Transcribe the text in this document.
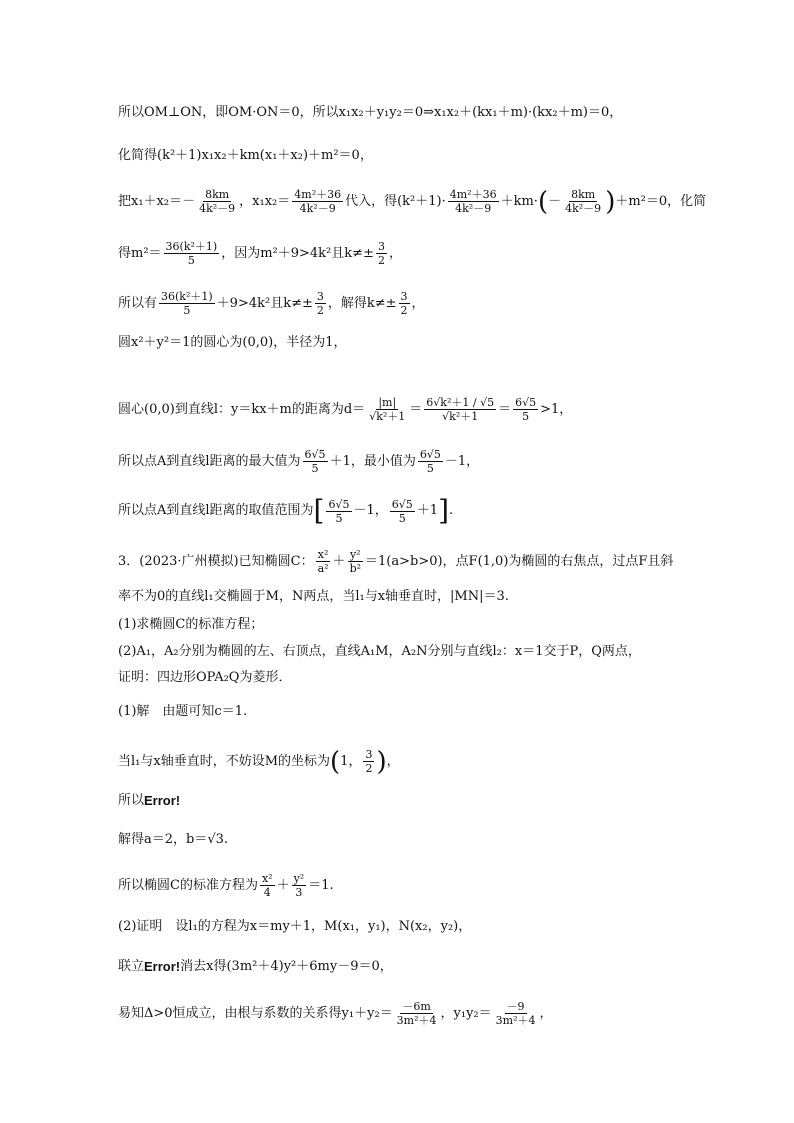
所以OM⊥ON，即OM·ON＝0，所以x₁x₂＋y₁y₂＝0⇒x₁x₂＋(kx₁＋m)·(kx₂＋m)＝0，
化简得(k²＋1)x₁x₂＋km(x₁＋x₂)＋m²＝0，
把$x_1+x_2=- \frac{8km}{\text{4k²－9}}$ ，$x_1x_2= \frac{\text{4m²＋36}}{\text{4k²－9}}$ 代入，得$(k^2+1)\cdot \frac{\text{4m²＋36}}{\text{4k²－9}} +km\cdot$ ( － $\frac{8km}{\text{4k²－9}}$ ) ＋m²＝0，化简
得$m^2= \frac{\text{36(k²＋1)}}{5}$ ，因为m²＋9>4k²且$k\ne\pm \frac{3}{2}$ ，
所以有 $\frac{\text{36(k²＋1)}}{5} +9>4k^2$且$k\ne\pm \frac{3}{2}$ ，解得$k\ne\pm \frac{3}{2}$ ，
圆x²＋y²＝1的圆心为(0,0)，半径为1，
圆心(0,0)到直线l：y＝kx＋m的距离为$d= \frac{|m|}{\text{√k²＋1}} = \frac{\text{6√k²＋1 / √5}}{\text{√k²＋1}} = \frac{6√5}{5} >1$，
所以点A到直线l距离的最大值为 $\frac{6√5}{5} +1$，最小值为 $\frac{6√5}{5} -1$，
所以点A到直线l距离的取值范围为 [ $\frac{6√5}{5} -1$， $\frac{6√5}{5} +1$ ] .
3．(2023·广州模拟)已知椭圆C： $\frac{\text{x²}}{\text{a²}} + \frac{\text{y²}}{\text{b²}} =1(a>b>0)$，点F(1,0)为椭圆的右焦点，过点F且斜
率不为0的直线l₁交椭圆于M，N两点，当l₁与x轴垂直时，|MN|＝3.
(1)求椭圆C的标准方程；
(2)A₁，A₂分别为椭圆的左、右顶点，直线A₁M，A₂N分别与直线l₂：x＝1交于P，Q两点，
证明：四边形OPA₂Q为菱形．
(1)解　由题可知c＝1.
当l₁与x轴垂直时，不妨设M的坐标为 ( 1， $\frac{3}{2}$ ) ，
所以 Error!
解得a＝2，b＝√3.
所以椭圆C的标准方程为 $\frac{\text{x²}}{4} + \frac{\text{y²}}{3} =1$.
(2)证明　设l₁的方程为x＝my＋1，M(x₁，y₁)，N(x₂，y₂)，
联立 Error! 消去x得(3m²＋4)y²＋6my－9＝0，
易知Δ>0恒成立，由根与系数的关系得$y_1+y_2= \frac{-6m}{\text{3m²＋4}}$ ，$y_1y_2= \frac{-9}{\text{3m²＋4}}$ ，
